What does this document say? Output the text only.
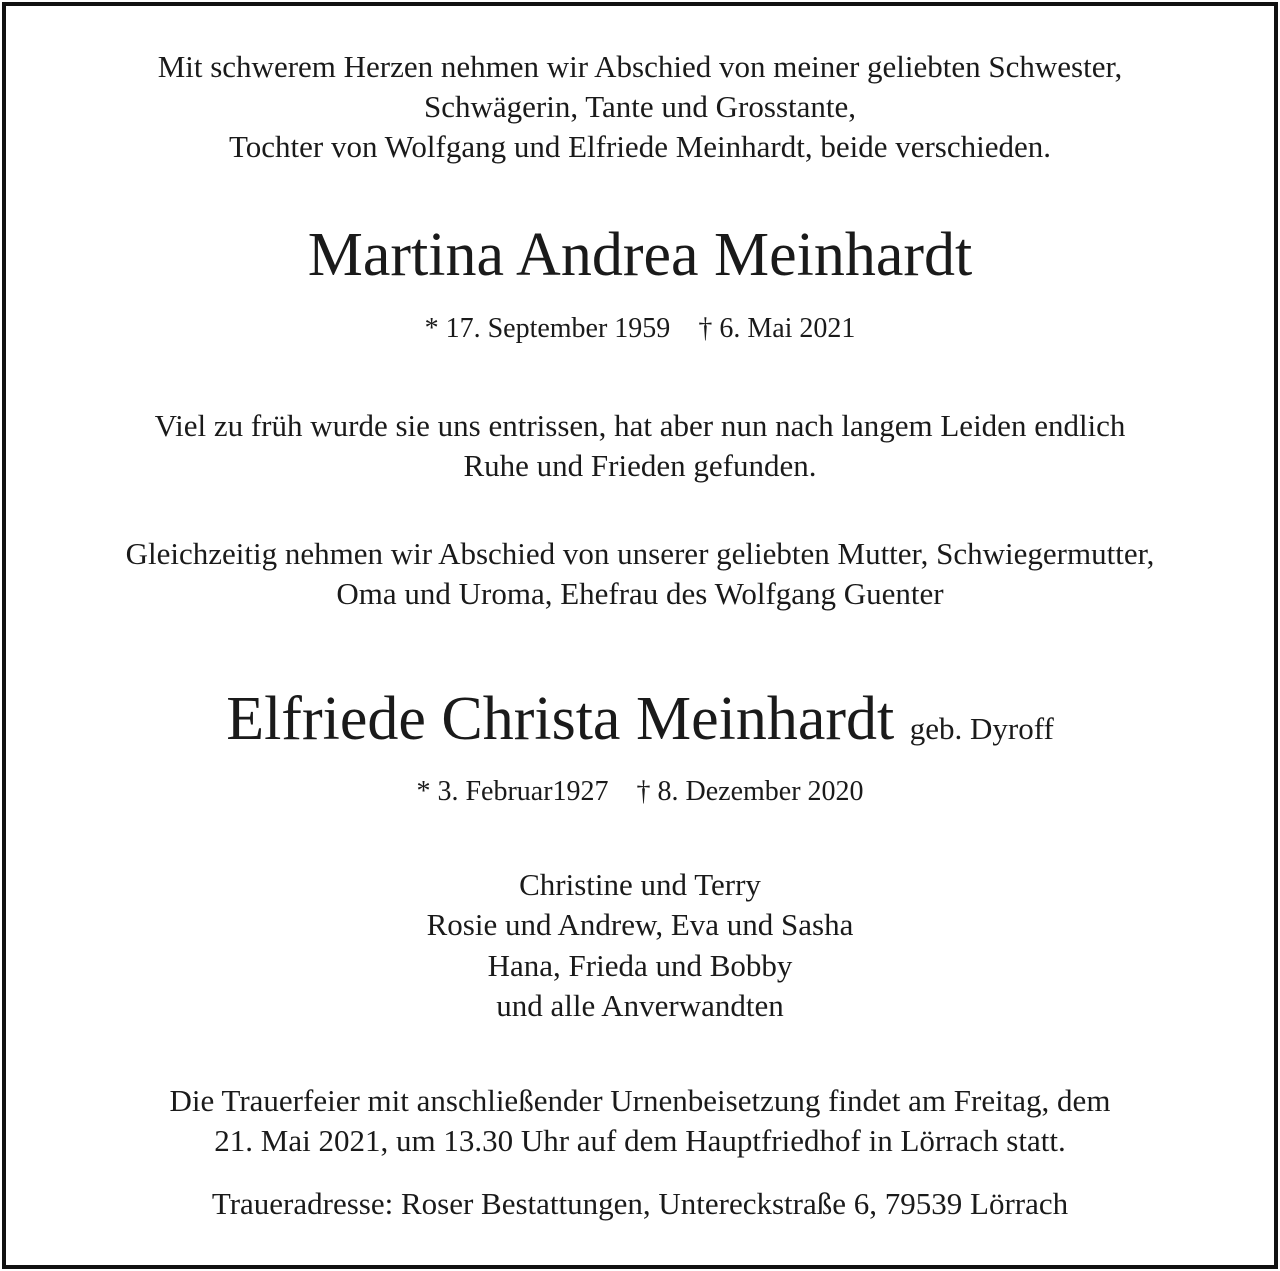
Mit schwerem Herzen nehmen wir Abschied von meiner geliebten Schwester,

Schwägerin, Tante und Grosstante,

Tochter von Wolfgang und Elfriede Meinhardt, beide verschieden.

Martina Andrea Meinhardt

* 17. September 1959 † 6. Mai 2021

Viel zu früh wurde sie uns entrissen, hat aber nun nach langem Leiden endlich

Ruhe und Frieden gefunden.

Gleichzeitig nehmen wir Abschied von unserer geliebten Mutter, Schwiegermutter,

Oma und Uroma, Ehefrau des Wolfgang Guenter

Elfriede Christa Meinhardt geb. Dyroff

* 3. Februar1927 † 8. Dezember 2020

Christine und Terry

Rosie und Andrew, Eva und Sasha

Hana, Frieda und Bobby

und alle Anverwandten

Die Trauerfeier mit anschließender Urnenbeisetzung findet am Freitag, dem

21. Mai 2021, um 13.30 Uhr auf dem Hauptfriedhof in Lörrach statt.

Traueradresse: Roser Bestattungen, Untereckstraße 6, 79539 Lörrach
